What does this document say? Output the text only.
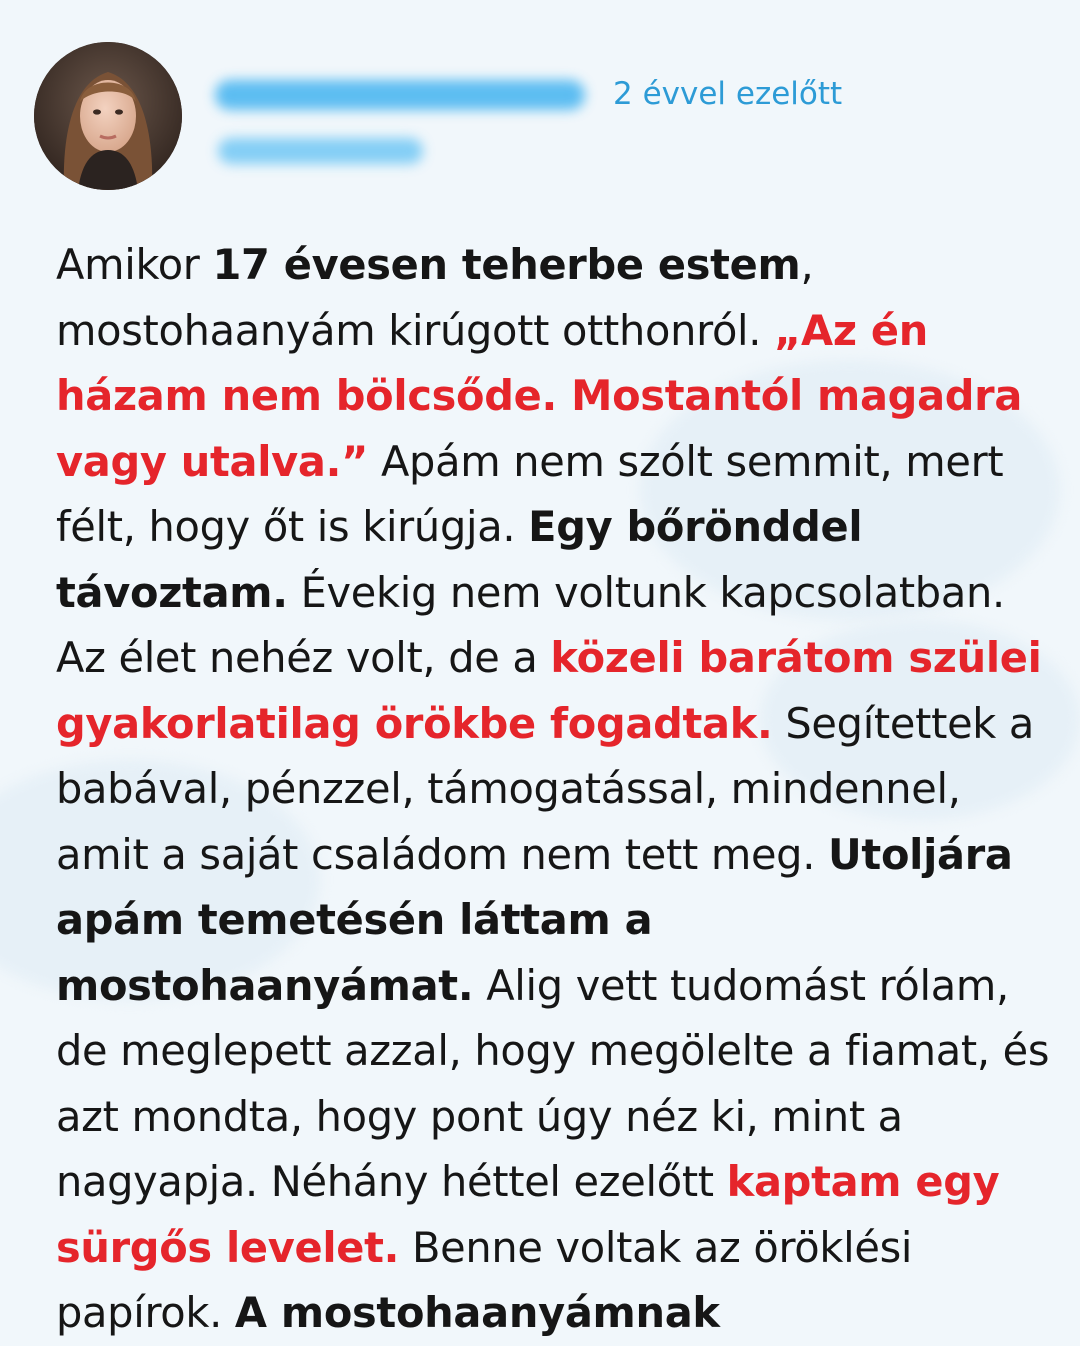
2 évvel ezelőtt

Amikor 17 évesen teherbe estem, mostohaanyám kirúgott otthonról. „Az én házam nem bölcsőde. Mostantól magadra vagy utalva.” Apám nem szólt semmit, mert félt, hogy őt is kirúgja. Egy bőrönddel távoztam. Évekig nem voltunk kapcsolatban. Az élet nehéz volt, de a közeli barátom szülei gyakorlatilag örökbe fogadtak. Segítettek a babával, pénzzel, támogatással, mindennel, amit a saját családom nem tett meg. Utoljára apám temetésén láttam a mostohaanyámat. Alig vett tudomást rólam, de meglepett azzal, hogy megölelte a fiamat, és azt mondta, hogy pont úgy néz ki, mint a nagyapja. Néhány héttel ezelőtt kaptam egy sürgős levelet. Benne voltak az öröklési papírok. A mostohaanyámnak
